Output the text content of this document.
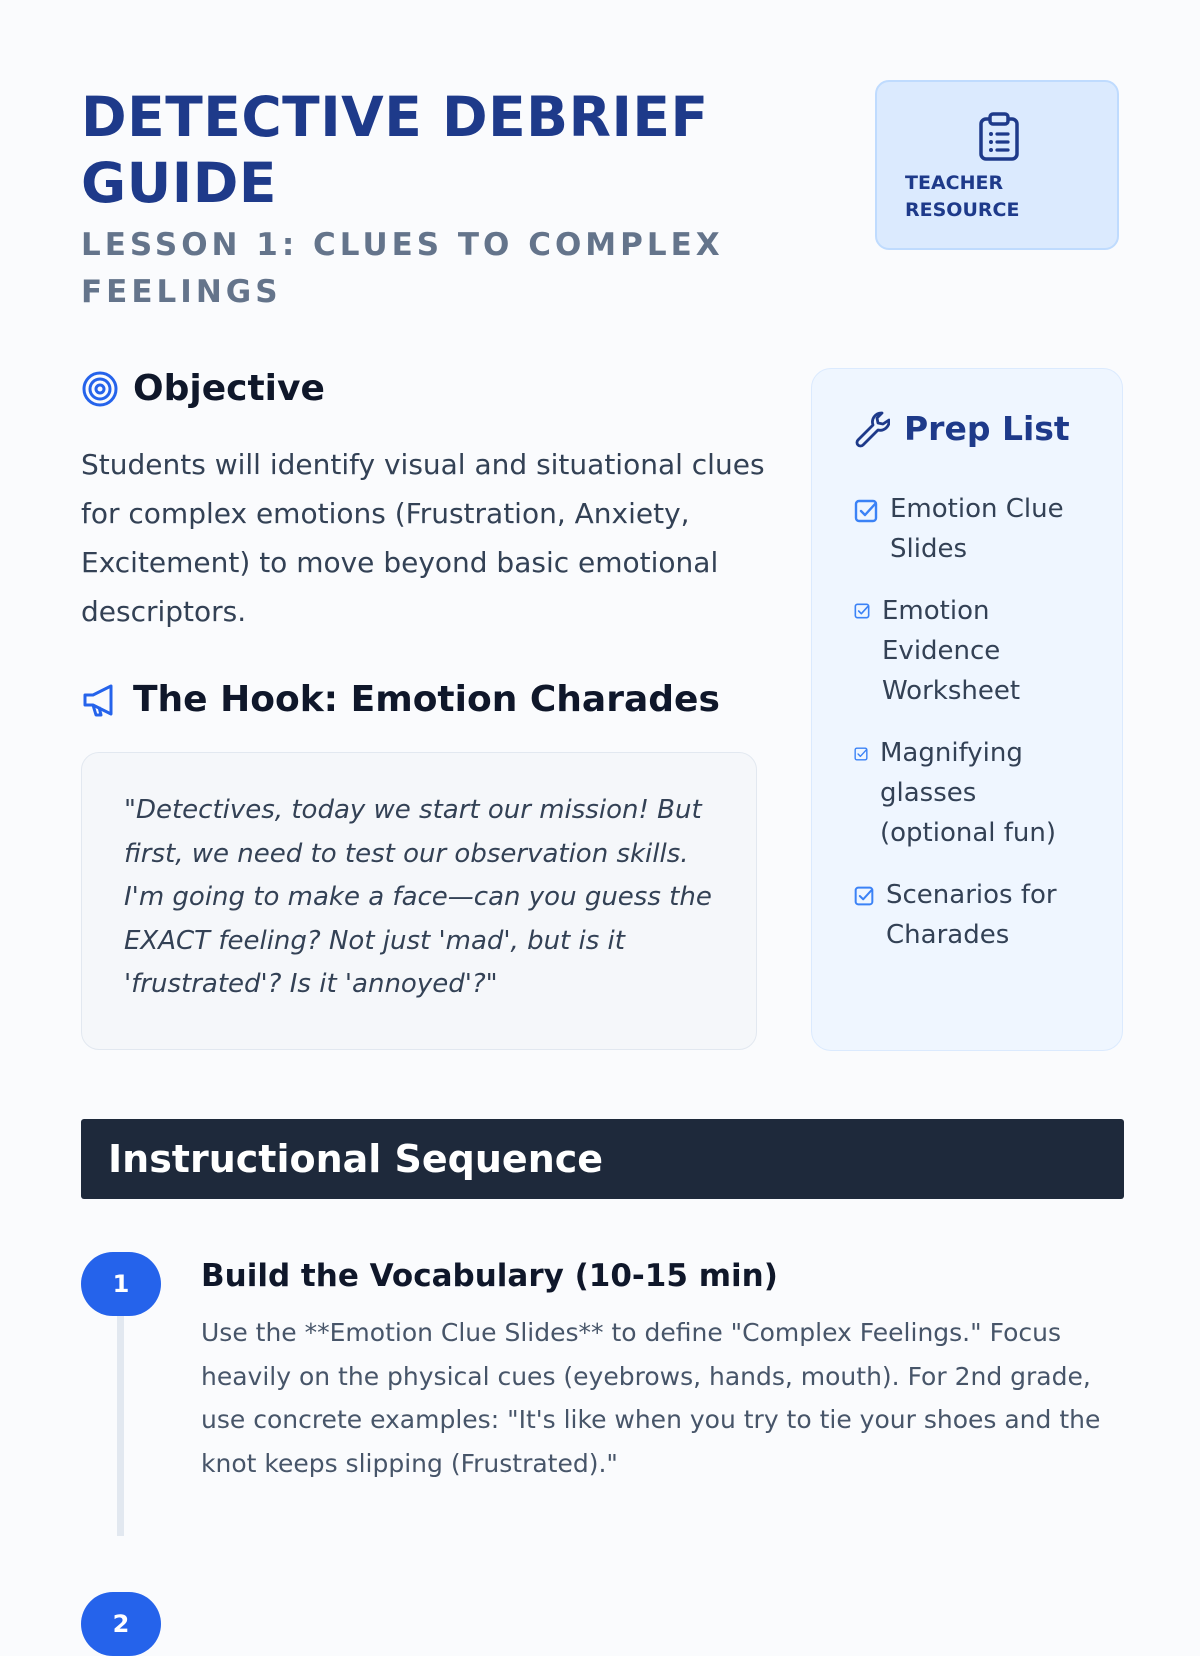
DETECTIVE DEBRIEF GUIDE
LESSON 1: CLUES TO COMPLEX FEELINGS
TEACHER RESOURCE
Objective

Students will identify visual and situational clues for complex emotions (Frustration, Anxiety, Excitement) to move beyond basic emotional descriptors.

The Hook: Emotion Charades

"Detectives, today we start our mission! But first, we need to test our observation skills. I'm going to make a face—can you guess the EXACT feeling? Not just 'mad', but is it 'frustrated'? Is it 'annoyed'?"

Prep List
Emotion Clue Slides
Emotion Evidence Worksheet
Magnifying glasses (optional fun)
Scenarios for Charades
Instructional Sequence
1	Build the Vocabulary (10-15 min)

Use the **Emotion Clue Slides** to define "Complex Feelings." Focus heavily on the physical cues (eyebrows, hands, mouth). For 2nd grade, use concrete examples: "It's like when you try to tie your shoes and the knot keeps slipping (Frustrated)."

2
